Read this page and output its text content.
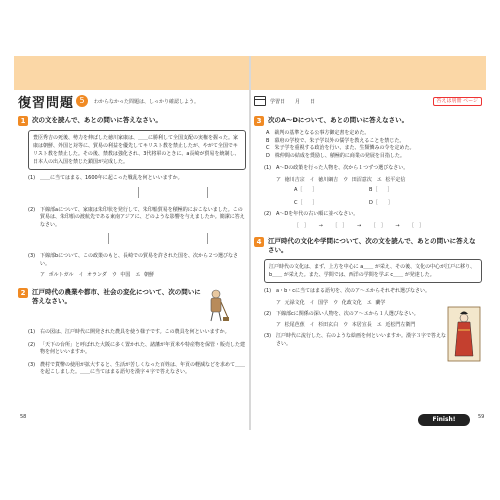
復習問題 5	わからなかった問題は、しっかり確認しよう。
1	次の文を読んで、あとの問いに答えなさい。
豊臣秀吉の死後、勢力を伸ばした徳川家康は、＿＿に勝利して全国支配の実権を握った。家康は朝鮮、外国と対等に、貿易の利益を優先してキリスト教を禁止したが、やがて全国でキリスト教を禁止した。その後、禁教は強化され、3代将軍のときに、a長崎が貿易を統制し、日本人の出入国を禁じた鎖国が完成した。
(1) ＿＿に当てはまる、1600年に起こった戦乱を何といいますか。
(2) 下線部aについて、家康は朱印状を発行して、朱印船貿易を積極的におこないました。この貿易は、朱印船の渡航先である東南アジアに、どのような影響を与えましたか。簡潔に答えなさい。
(3) 下線部bについて、この政策のもと、長崎での貿易を許された国を、次から２つ選びなさい。
ア ポルトガル　イ オランダ　ウ 中国　エ 朝鮮
2	江戸時代の農業や都市、社会の変化について、次の問いに答えなさい。
(1) 右の図は、江戸時代に開発された農具を使う様子です。この農具を何といいますか。
(2) 「天下の台所」と呼ばれた大阪に多く置かれた、諸藩が年貢米や特産物を保管・販売した建物を何といいますか。
(3) 農村で貨幣の使用が拡大すると、生活が苦しくなった百姓は、年貢の軽減などを求めて＿＿を起こしました。＿＿に当てはまる語句を漢字４字で答えなさい。
学習日 月 日	答えは別冊 ページ
3	次のA～Dについて、あとの問いに答えなさい。
A　裁判の基準となる公事方御定書を定めた。
B　幕府の学校で、朱子学以外の儒学を教えることを禁じた。
C　朱子学を重視する政治を行い、また、生類憐みの令を定めた。
D　株仲間の結成を奨励し、積極的に商業の発展を目指した。
(1) A～Dの政策を行った人物を、次から１つずつ選びなさい。
ア 徳川吉宗　イ 徳川綱吉　ウ 田沼意次　エ 松平定信
A［　　］	B［　　］
C［　　］	D［　　］
(2) A～Dを年代の古い順に並べなさい。
［　］ → ［　］ → ［　］ → ［　］
4	江戸時代の文化や学問について、次の文を読んで、あとの問いに答えなさい。
江戸時代の文化は、まず、上方を中心に a＿＿ が栄え、その後、文化の中心が江戸に移り、b＿＿ が栄えた。また、学問では、西洋の学問を学ぶ c＿＿ が発達した。
(1) a・b・cに当てはまる語句を、次のア～エからそれぞれ選びなさい。
ア 元禄文化　イ 国学　ウ 化政文化　エ 蘭学
(2) 下線部cに関係の深い人物を、次のア～エから１人選びなさい。
ア 松尾芭蕉　イ 杉田玄白　ウ 本居宣長　エ 近松門左衛門
(3) 江戸時代に流行した、右のような絵画を何といいますか。漢字３字で答えなさい。
58	59
Finish!
